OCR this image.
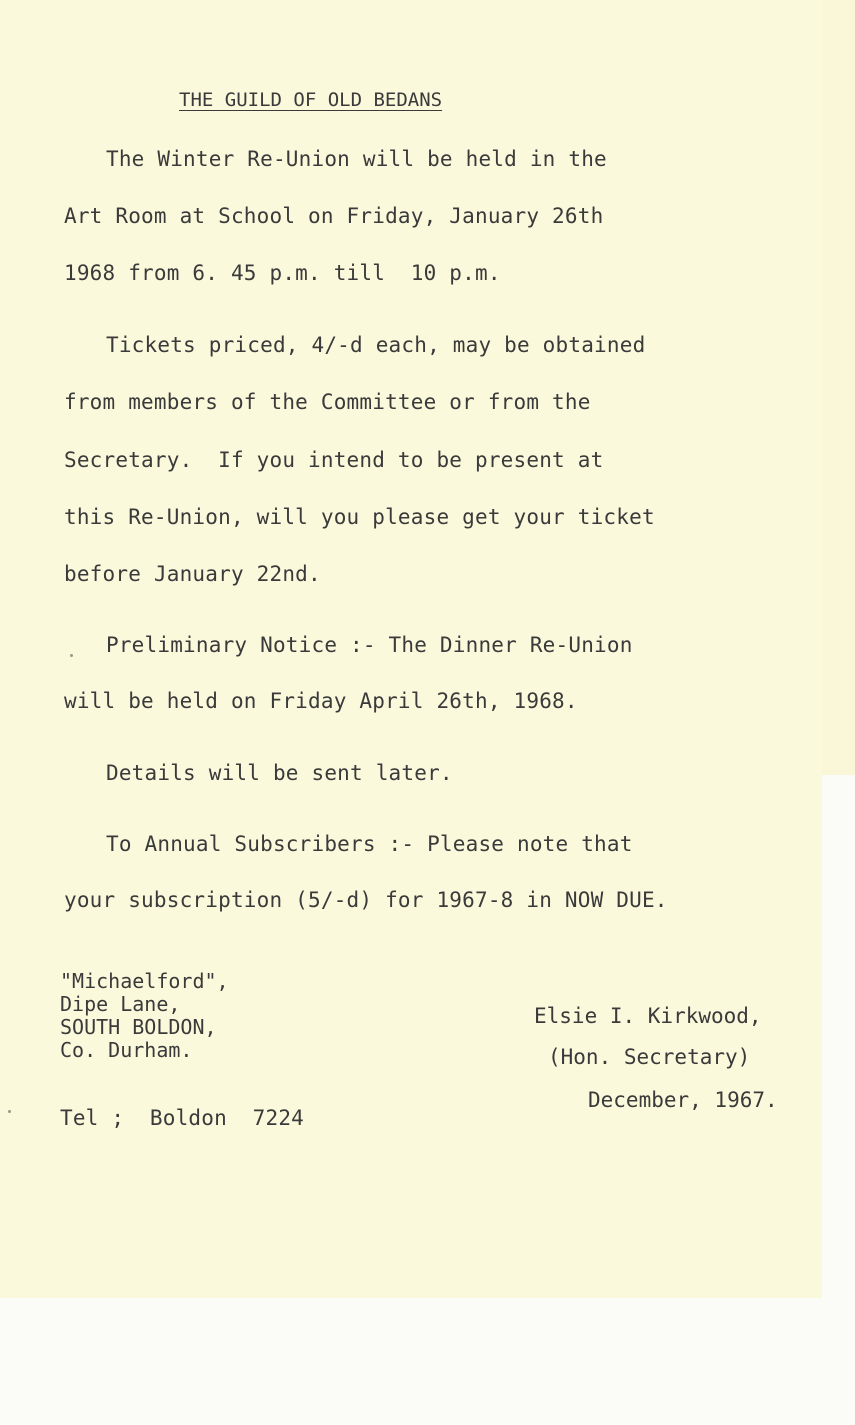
THE GUILD OF OLD BEDANS
The Winter Re-Union will be held in the
Art Room at School on Friday, January 26th
1968 from 6. 45 p.m. till  10 p.m.
Tickets priced, 4/-d each, may be obtained
from members of the Committee or from the
Secretary.  If you intend to be present at
this Re-Union, will you please get your ticket
before January 22nd.
Preliminary Notice :- The Dinner Re-Union
will be held on Friday April 26th, 1968.
Details will be sent later.
To Annual Subscribers :- Please note that
your subscription (5/-d) for 1967-8 in NOW DUE.
"Michaelford",
Dipe Lane,
SOUTH BOLDON,
Co. Durham.
Tel ;  Boldon  7224
Elsie I. Kirkwood,
(Hon. Secretary)
December, 1967.
